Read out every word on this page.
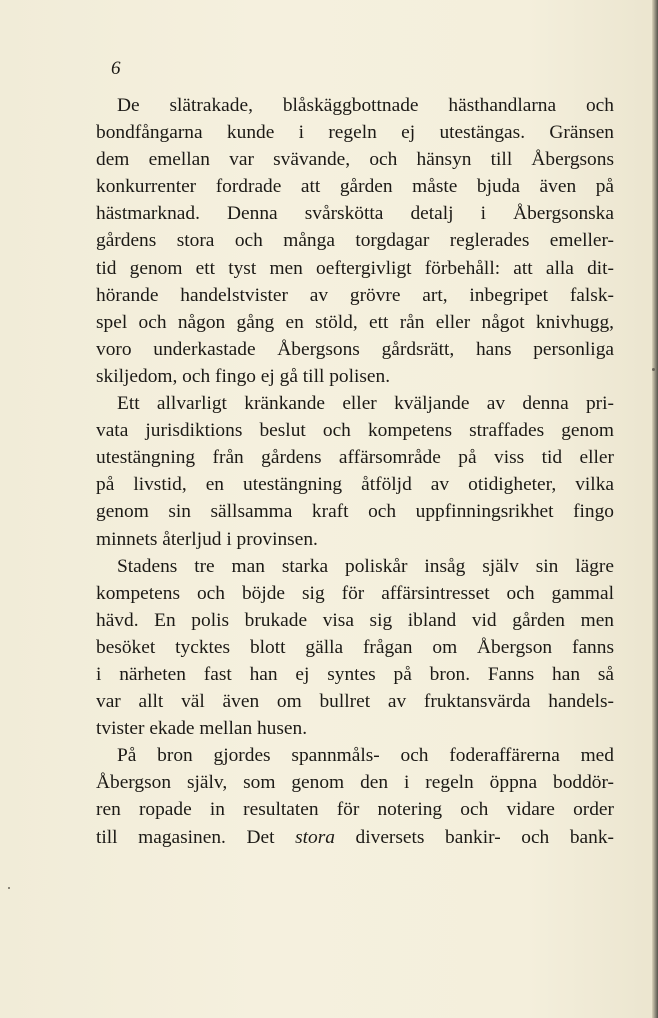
6
De slätrakade, blåskäggbottnade hästhandlarna och
bondfångarna kunde i regeln ej utestängas. Gränsen
dem emellan var svävande, och hänsyn till Åbergsons
konkurrenter fordrade att gården måste bjuda även på
hästmarknad. Denna svårskötta detalj i Åbergsonska
gårdens stora och många torgdagar reglerades emeller-
tid genom ett tyst men oeftergivligt förbehåll: att alla dit-
hörande handelstvister av grövre art, inbegripet falsk-
spel och någon gång en stöld, ett rån eller något knivhugg,
voro underkastade Åbergsons gårdsrätt, hans personliga
skiljedom, och fingo ej gå till polisen.
Ett allvarligt kränkande eller kväljande av denna pri-
vata jurisdiktions beslut och kompetens straffades genom
utestängning från gårdens affärsområde på viss tid eller
på livstid, en utestängning åtföljd av otidigheter, vilka
genom sin sällsamma kraft och uppfinningsrikhet fingo
minnets återljud i provinsen.
Stadens tre man starka poliskår insåg själv sin lägre
kompetens och böjde sig för affärsintresset och gammal
hävd. En polis brukade visa sig ibland vid gården men
besöket tycktes blott gälla frågan om Åbergson fanns
i närheten fast han ej syntes på bron. Fanns han så
var allt väl även om bullret av fruktansvärda handels-
tvister ekade mellan husen.
På bron gjordes spannmåls- och foderaffärerna med
Åbergson själv, som genom den i regeln öppna boddör-
ren ropade in resultaten för notering och vidare order
till magasinen. Det stora diversets bankir- och bank-
